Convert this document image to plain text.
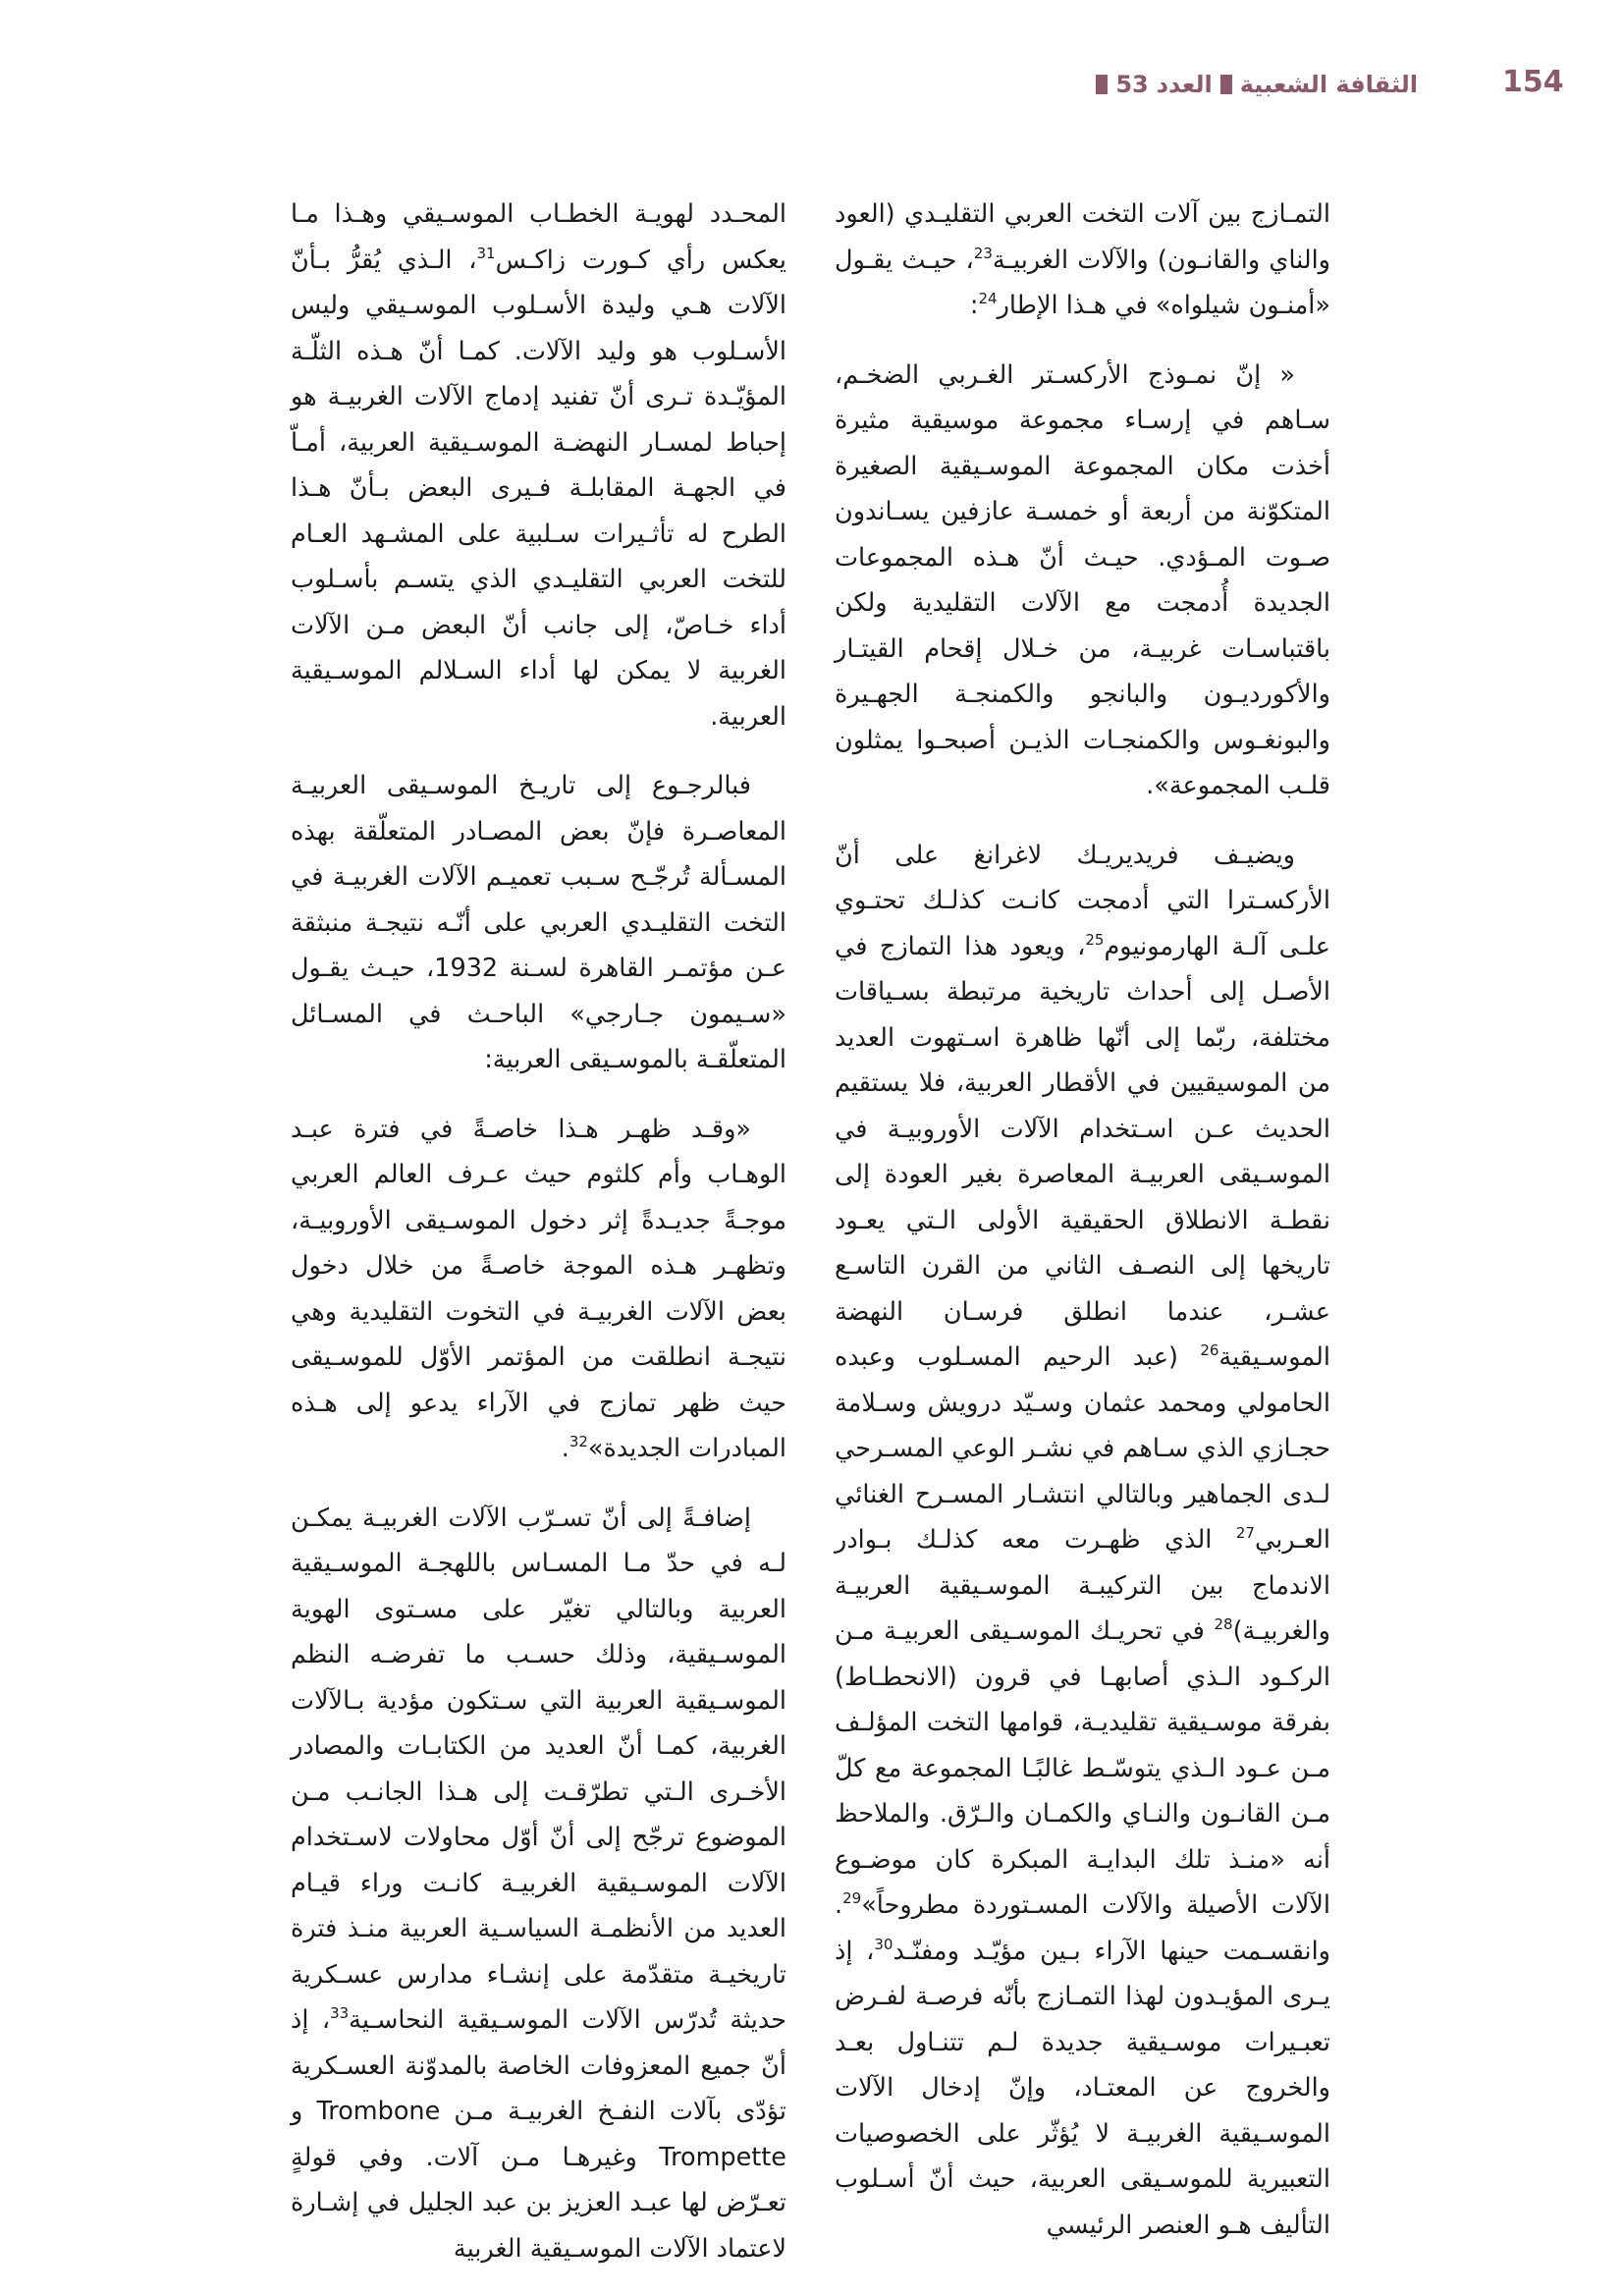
154
الثقافة الشعبية
العدد
53

التمـازج بين آلات التخت العربي التقليـدي (العود والناي والقانـون) والآلات الغربيـة$^{23}$، حيـث يقـول «أمنـون شيلواه» في هـذا الإطار$^{24}$:

« إنّ نمـوذج الأركسـتر الغـربي الضخـم، سـاهم في إرسـاء مجموعة موسيقية مثيرة أخذت مكان المجموعة الموسـيقية الصغيرة المتكوّنة من أربعة أو خمسـة عازفين يسـاندون صـوت المـؤدي. حيـث أنّ هـذه المجموعات الجديدة أُدمجت مع الآلات التقليدية ولكن باقتباسـات غربيـة، من خـلال إقحام القيتـار والأكورديـون والبانجو والكمنجـة الجهـيرة والبونغـوس والكمنجـات الذيـن أصبحـوا يمثلون قلـب المجموعة».

ويضيـف فريديريـك لاغرانغ على أنّ الأركسـترا التي أدمجت كانـت كذلـك تحتـوي علـى آلـة الهارمونيوم$^{25}$، ويعود هذا التمازج في الأصـل إلى أحداث تاريخية مرتبطة بسـياقات مختلفة، ربّما إلى أنّها ظاهرة اسـتهوت العديد من الموسيقيين في الأقطار العربية، فلا يستقيم الحديث عـن اسـتخدام الآلات الأوروبيـة في الموسـيقى العربيـة المعاصرة بغير العودة إلى نقطـة الانطلاق الحقيقية الأولى الـتي يعـود تاريخها إلى النصـف الثاني من القرن التاسـع عشـر، عندما انطلق فرسـان النهضة الموسـيقية$^{26}$ (عبد الرحيم المسـلوب وعبده الحامولي ومحمد عثمان وسـيّد درويش وسـلامة حجـازي الذي سـاهم في نشـر الوعي المسـرحي لـدى الجماهير وبالتالي انتشـار المسـرح الغنائي العـربي$^{27}$ الذي ظهـرت معه كذلـك بـوادر الاندماج بين التركيبـة الموسـيقية العربيـة والغربيـة)$^{28}$ في تحريـك الموسـيقى العربيـة مـن الركـود الـذي أصابهـا في قرون (الانحطـاط) بفرقة موسـيقية تقليديـة، قوامها التخت المؤلـف مـن عـود الـذي يتوسّـط غالبًـا المجموعة مع كلّ مـن القانـون والنـاي والكمـان والـرّق. والملاحظ أنه «منـذ تلك البدايـة المبكرة كان موضـوع الآلات الأصيلة والآلات المسـتوردة مطروحاً»$^{29}$. وانقسـمت حينها الآراء بـين مؤيّـد ومفنّـد$^{30}$، إذ يـرى المؤيـدون لهذا التمـازج بأنّه فرصـة لفـرض تعبـيرات موسـيقية جديدة لـم تتنـاول بعـد والخروج عن المعتـاد، وإنّ إدخال الآلات الموسـيقية الغربيـة لا يُؤثّر على الخصوصيات التعبيرية للموسـيقى العربية، حيث أنّ أسـلوب التأليف هـو العنصر الرئيسي

المحـدد لهويـة الخطـاب الموسـيقي وهـذا مـا يعكس رأي كـورت زاكـس$^{31}$، الـذي يُقرُّ بـأنّ الآلات هـي وليدة الأسـلوب الموسـيقي وليس الأسـلوب هو وليد الآلات. كمـا أنّ هـذه الثلّـة المؤيّـدة تـرى أنّ تفنيد إدماج الآلات الغربيـة هو إحباط لمسـار النهضـة الموسـيقية العربية، أمـاّ في الجهـة المقابلـة فـيرى البعض بـأنّ هـذا الطرح له تأثـيرات سـلبية على المشـهد العـام للتخت العربي التقليـدي الذي يتسـم بأسـلوب أداء خـاصّ، إلى جانب أنّ البعض مـن الآلات الغربية لا يمكن لها أداء السـلالم الموسـيقية العربية.

فبالرجـوع إلى تاريـخ الموسـيقى العربيـة المعاصـرة فإنّ بعض المصـادر المتعلّقة بهذه المسـألة تُرجّـح سـبب تعميـم الآلات الغربيـة في التخت التقليـدي العربي على أنّـه نتيجـة منبثقة عـن مؤتمـر القاهرة لسـنة 1932، حيـث يقـول «سـيمون جـارجي» الباحـث في المسـائل المتعلّقـة بالموسـيقى العربية:

«وقـد ظهـر هـذا خاصـةً في فترة عبـد الوهـاب وأم كلثوم حيث عـرف العالم العربي موجـةً جديـدةً إثر دخول الموسـيقى الأوروبيـة، وتظهـر هـذه الموجة خاصـةً من خلال دخول بعض الآلات الغربيـة في التخوت التقليدية وهي نتيجـة انطلقت من المؤتمر الأوّل للموسـيقى حيث ظهر تمازج في الآراء يدعو إلى هـذه المبادرات الجديدة»$^{32}$.

إضافـةً إلى أنّ تسـرّب الآلات الغربيـة يمكـن لـه في حدّ مـا المسـاس باللهجـة الموسـيقية العربية وبالتالي تغيّر على مسـتوى الهوية الموسـيقية، وذلك حسـب ما تفرضـه النظم الموسـيقية العربية التي سـتكون مؤدية بـالآلات الغربية، كمـا أنّ العديد من الكتابـات والمصادر الأخـرى الـتي تطرّقـت إلى هـذا الجانـب مـن الموضوع ترجّح إلى أنّ أوّل محاولات لاسـتخدام الآلات الموسـيقية الغربيـة كانـت وراء قيـام العديد من الأنظمـة السياسـية العربية منـذ فترة تاريخيـة متقدّمة على إنشـاء مدارس عسـكرية حديثة تُدرّس الآلات الموسـيقية النحاسـية$^{33}$، إذ أنّ جميع المعزوفات الخاصة بالمدوّنة العسـكرية تؤدّى بآلات النفـخ الغربيـة مـن Trombone و Trompette وغيرهـا مـن آلات. وفي قولةٍ تعـرّض لها عبـد العزيز بن عبد الجليل في إشـارة لاعتماد الآلات الموسـيقية الغربية
